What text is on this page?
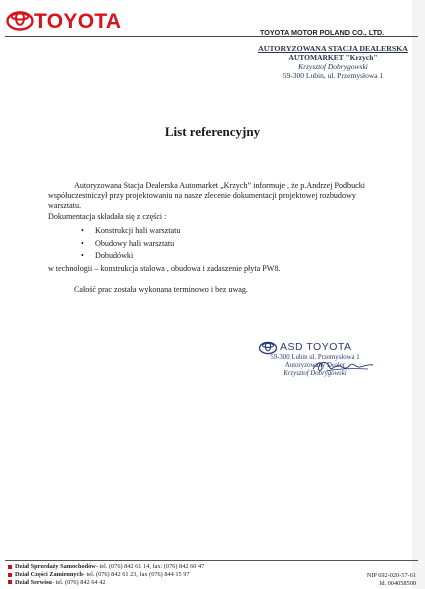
TOYOTA	TOYOTA MOTOR POLAND CO., LTD.
AUTORYZOWANA STACJA DEALERSKA
AUTOMARKET "Krzych"
Krzysztof Dobrygowski
59-300 Lubin, ul. Przemysłowa 1
List referencyjny

Autoryzowana Stacja Dealerska Automarket „Krzych” informuje , że p.Andrzej Podbucki współuczestniczył przy projektowaniu na nasze zlecenie dokumentacji projektowej rozbudowy warsztatu.

Dokumentacja składała się z części :

• Konstrukcji hali warsztatu
• Obudowy hali warsztatu
• Dobudówki

w technologii – konstrukcja stalowa , obudowa i zadaszenie płyta PW8.

Całość prac została wykonana terminowo i bez uwag.

ASD TOYOTA
59-300 Lubin ul. Przemysłowa 1
Autoryzowany Dealer
Krzysztof Dobrygowski
Dział Sprzedaży Samochodów - tel. (076) 842 61 14, fax: (076) 842 60 47
Dział Części Zamiennych - tel. (076) 842 61 23, fax (076) 844 15 97
Dział Serwisu - tel. (076) 842 64 42
NIP 692-020-57-61
Id. 004058500
